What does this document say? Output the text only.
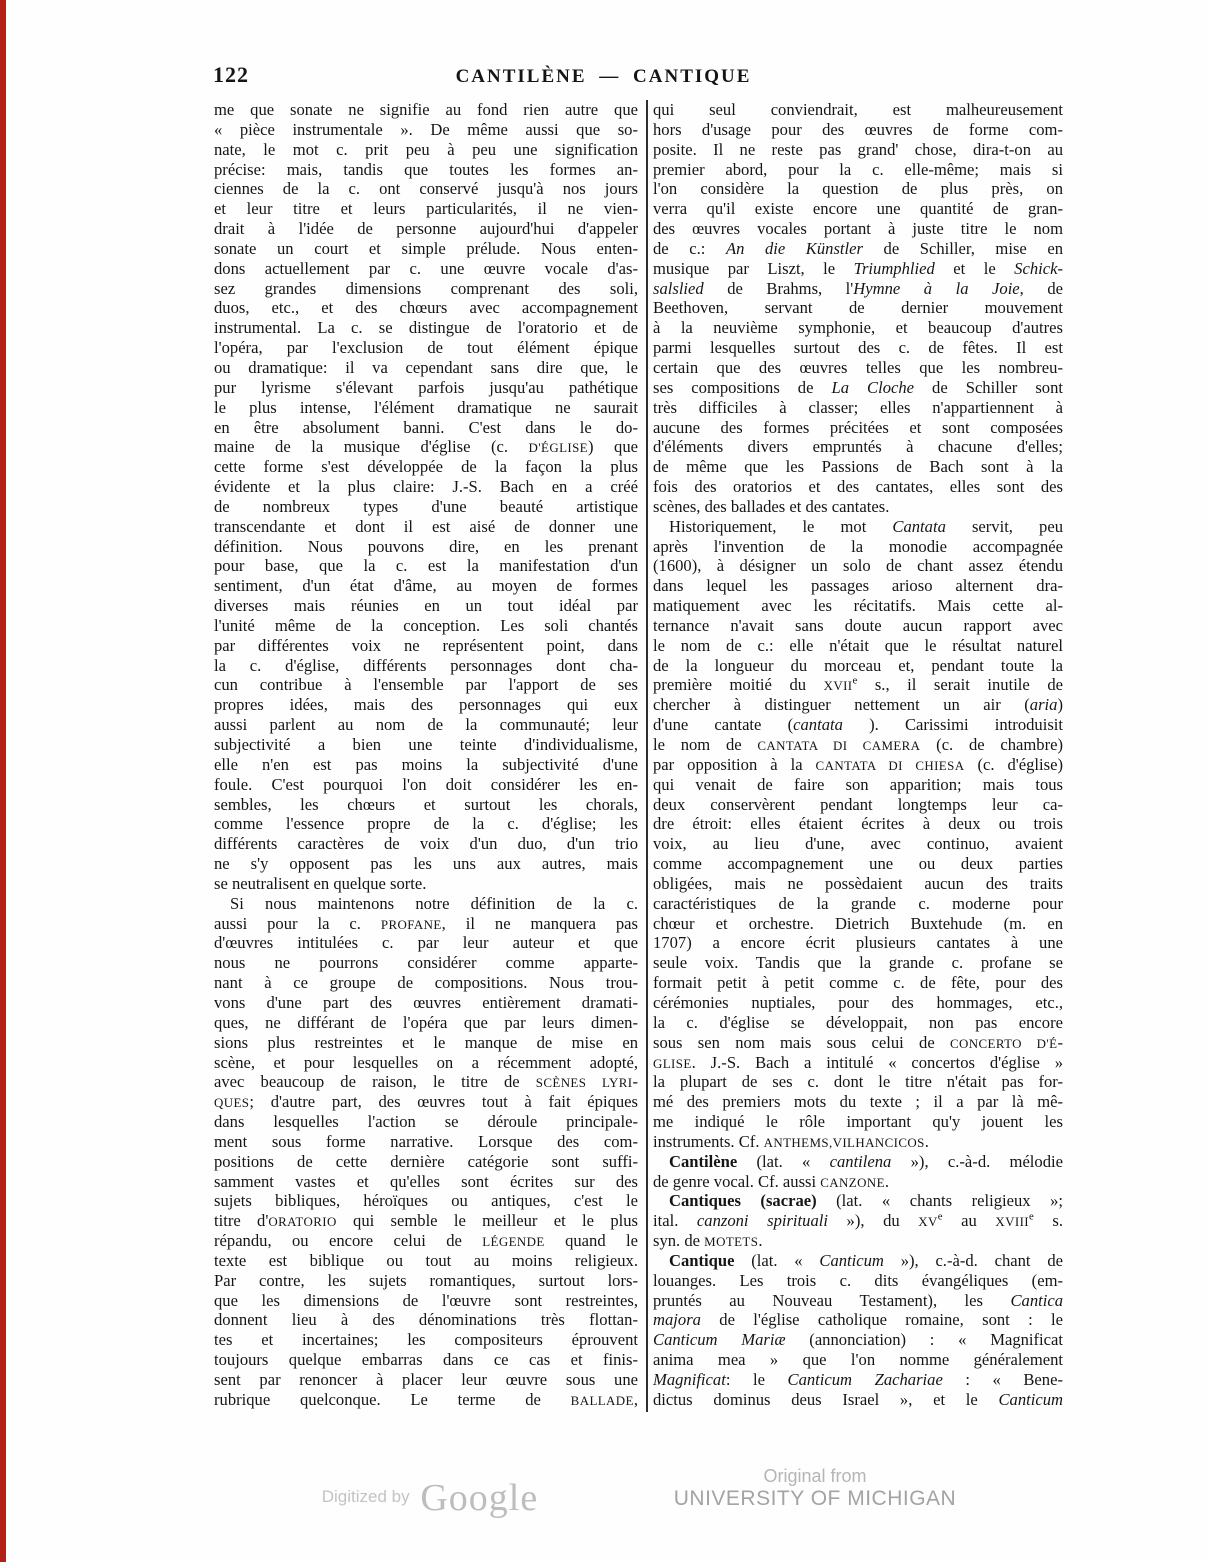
122	CANTILÈNE — CANTIQUE
me que sonate ne signifie au fond rien autre que
« pièce instrumentale ». De même aussi que so-
nate, le mot c. prit peu à peu une signification
précise: mais, tandis que toutes les formes an-
ciennes de la c. ont conservé jusqu'à nos jours
et leur titre et leurs particularités, il ne vien-
drait à l'idée de personne aujourd'hui d'appeler
sonate un court et simple prélude. Nous enten-
dons actuellement par c. une œuvre vocale d'as-
sez grandes dimensions comprenant des soli,
duos, etc., et des chœurs avec accompagnement
instrumental. La c. se distingue de l'oratorio et de
l'opéra, par l'exclusion de tout élément épique
ou dramatique: il va cependant sans dire que, le
pur lyrisme s'élevant parfois jusqu'au pathétique
le plus intense, l'élément dramatique ne saurait
en être absolument banni. C'est dans le do-
maine de la musique d'église (c. D'ÉGLISE) que
cette forme s'est développée de la façon la plus
évidente et la plus claire: J.-S. Bach en a créé
de nombreux types d'une beauté artistique
transcendante et dont il est aisé de donner une
définition. Nous pouvons dire, en les prenant
pour base, que la c. est la manifestation d'un
sentiment, d'un état d'âme, au moyen de formes
diverses mais réunies en un tout idéal par
l'unité même de la conception. Les soli chantés
par différentes voix ne représentent point, dans
la c. d'église, différents personnages dont cha-
cun contribue à l'ensemble par l'apport de ses
propres idées, mais des personnages qui eux
aussi parlent au nom de la communauté; leur
subjectivité a bien une teinte d'individualisme,
elle n'en est pas moins la subjectivité d'une
foule. C'est pourquoi l'on doit considérer les en-
sembles, les chœurs et surtout les chorals,
comme l'essence propre de la c. d'église; les
différents caractères de voix d'un duo, d'un trio
ne s'y opposent pas les uns aux autres, mais
se neutralisent en quelque sorte.
Si nous maintenons notre définition de la c.
aussi pour la c. PROFANE, il ne manquera pas
d'œuvres intitulées c. par leur auteur et que
nous ne pourrons considérer comme apparte-
nant à ce groupe de compositions. Nous trou-
vons d'une part des œuvres entièrement dramati-
ques, ne différant de l'opéra que par leurs dimen-
sions plus restreintes et le manque de mise en
scène, et pour lesquelles on a récemment adopté,
avec beaucoup de raison, le titre de SCÈNES LYRI-
QUES; d'autre part, des œuvres tout à fait épiques
dans lesquelles l'action se déroule principale-
ment sous forme narrative. Lorsque des com-
positions de cette dernière catégorie sont suffi-
samment vastes et qu'elles sont écrites sur des
sujets bibliques, héroïques ou antiques, c'est le
titre d'ORATORIO qui semble le meilleur et le plus
répandu, ou encore celui de LÉGENDE quand le
texte est biblique ou tout au moins religieux.
Par contre, les sujets romantiques, surtout lors-
que les dimensions de l'œuvre sont restreintes,
donnent lieu à des dénominations très flottan-
tes et incertaines; les compositeurs éprouvent
toujours quelque embarras dans ce cas et finis-
sent par renoncer à placer leur œuvre sous une
rubrique quelconque. Le terme de BALLADE,
qui seul conviendrait, est malheureusement
hors d'usage pour des œuvres de forme com-
posite. Il ne reste pas grand' chose, dira-t-on au
premier abord, pour la c. elle-même; mais si
l'on considère la question de plus près, on
verra qu'il existe encore une quantité de gran-
des œuvres vocales portant à juste titre le nom
de c.: An die Künstler de Schiller, mise en
musique par Liszt, le Triumphlied et le Schick-
salslied de Brahms, l'Hymne à la Joie, de
Beethoven, servant de dernier mouvement
à la neuvième symphonie, et beaucoup d'autres
parmi lesquelles surtout des c. de fêtes. Il est
certain que des œuvres telles que les nombreu-
ses compositions de La Cloche de Schiller sont
très difficiles à classer; elles n'appartiennent à
aucune des formes précitées et sont composées
d'éléments divers empruntés à chacune d'elles;
de même que les Passions de Bach sont à la
fois des oratorios et des cantates, elles sont des
scènes, des ballades et des cantates.
Historiquement, le mot Cantata servit, peu
après l'invention de la monodie accompagnée
(1600), à désigner un solo de chant assez étendu
dans lequel les passages arioso alternent dra-
matiquement avec les récitatifs. Mais cette al-
ternance n'avait sans doute aucun rapport avec
le nom de c.: elle n'était que le résultat naturel
de la longueur du morceau et, pendant toute la
première moitié du XVIIe s., il serait inutile de
chercher à distinguer nettement un air (aria)
d'une cantate (cantata ). Carissimi introduisit
le nom de CANTATA DI CAMERA (c. de chambre)
par opposition à la CANTATA DI CHIESA (c. d'église)
qui venait de faire son apparition; mais tous
deux conservèrent pendant longtemps leur ca-
dre étroit: elles étaient écrites à deux ou trois
voix, au lieu d'une, avec continuo, avaient
comme accompagnement une ou deux parties
obligées, mais ne possèdaient aucun des traits
caractéristiques de la grande c. moderne pour
chœur et orchestre. Dietrich Buxtehude (m. en
1707) a encore écrit plusieurs cantates à une
seule voix. Tandis que la grande c. profane se
formait petit à petit comme c. de fête, pour des
cérémonies nuptiales, pour des hommages, etc.,
la c. d'église se développait, non pas encore
sous sen nom mais sous celui de CONCERTO D'É-
GLISE. J.-S. Bach a intitulé « concertos d'église »
la plupart de ses c. dont le titre n'était pas for-
mé des premiers mots du texte ; il a par là mê-
me indiqué le rôle important qu'y jouent les
instruments. Cf. ANTHEMS,VILHANCICOS.
Cantilène (lat. « cantilena »), c.-à-d. mélodie
de genre vocal. Cf. aussi CANZONE.
Cantiques (sacrae) (lat. « chants religieux »;
ital. canzoni spirituali »), du XVe au XVIIIe s.
syn. de MOTETS.
Cantique (lat. « Canticum »), c.-à-d. chant de
louanges. Les trois c. dits évangéliques (em-
pruntés au Nouveau Testament), les Cantica
majora de l'église catholique romaine, sont : le
Canticum Mariæ (annonciation) : « Magnificat
anima mea » que l'on nomme généralement
Magnificat: le Canticum Zachariae : « Bene-
dictus dominus deus Israel », et le Canticum
Digitized by Google
Original from
UNIVERSITY OF MICHIGAN
